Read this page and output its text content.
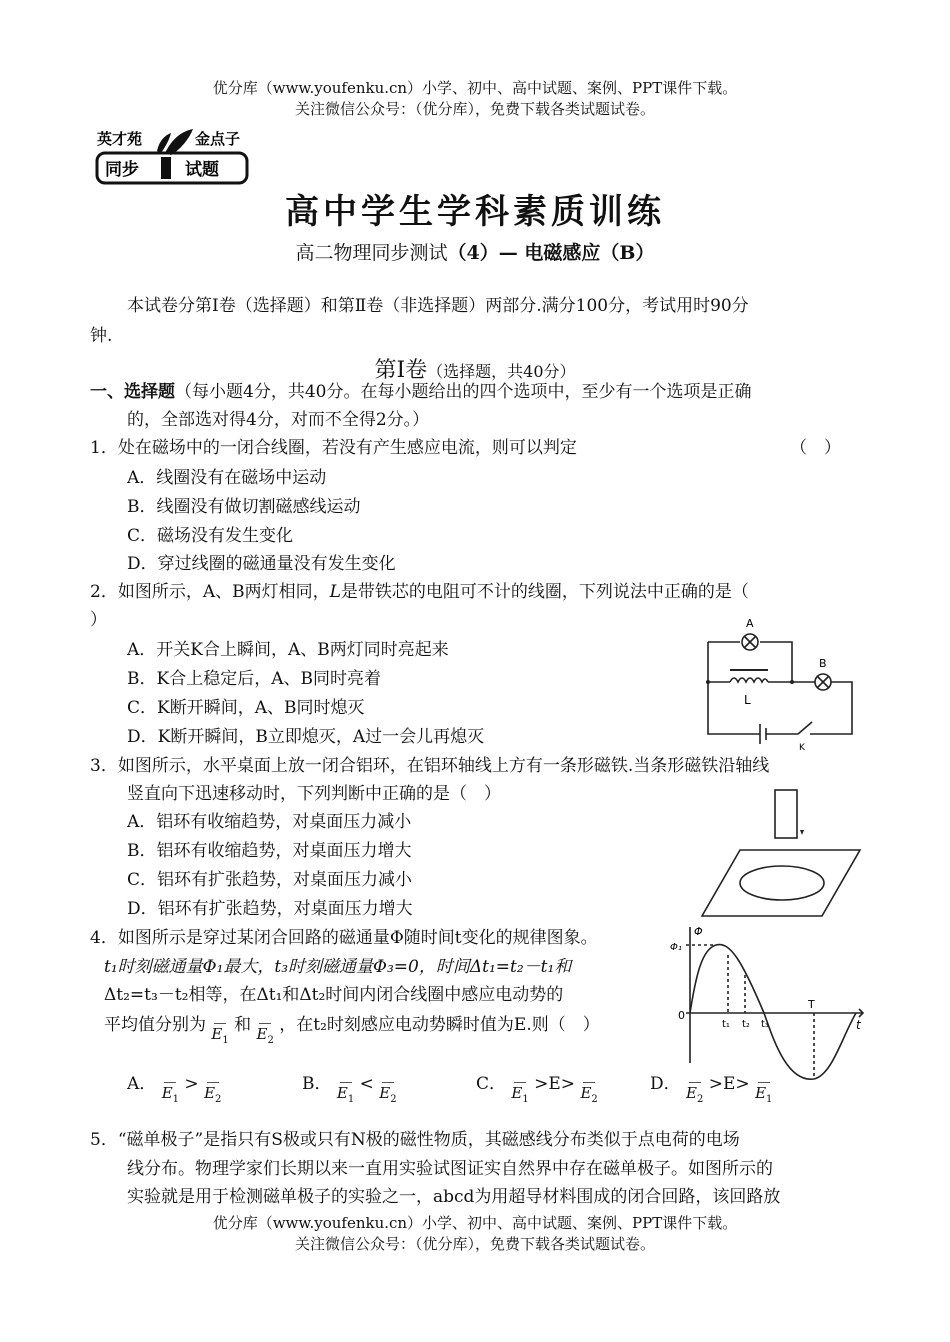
优分库（www.youfenku.cn）小学、初中、高中试题、案例、PPT课件下载。
关注微信公众号：（优分库），免费下载各类试题试卷。
英才苑	金点子
同步	试题
高中学生学科素质训练
高二物理同步测试（4）— 电磁感应（B）
本试卷分第Ⅰ卷（选择题）和第Ⅱ卷（非选择题）两部分.满分100分，考试用时90分
钟.
第Ⅰ卷（选择题，共40分）
一、选择题（每小题4分，共40分。在每小题给出的四个选项中，至少有一个选项是正确
的，全部选对得4分，对而不全得2分。）
1．处在磁场中的一闭合线圈，若没有产生感应电流，则可以判定	（　）
A．线圈没有在磁场中运动
B．线圈没有做切割磁感线运动
C．磁场没有发生变化
D．穿过线圈的磁通量没有发生变化
2．如图所示，A、B两灯相同，L是带铁芯的电阻可不计的线圈，下列说法中正确的是（
）
A．开关K合上瞬间，A、B两灯同时亮起来
B．K合上稳定后，A、B同时亮着
C．K断开瞬间，A、B同时熄灭
D．K断开瞬间，B立即熄灭，A过一会儿再熄灭
A
B
L
K
3．如图所示，水平桌面上放一闭合铝环，在铝环轴线上方有一条形磁铁.当条形磁铁沿轴线
竖直向下迅速移动时，下列判断中正确的是（　）
A．铝环有收缩趋势，对桌面压力减小
B．铝环有收缩趋势，对桌面压力增大
C．铝环有扩张趋势，对桌面压力减小
D．铝环有扩张趋势，对桌面压力增大
4．如图所示是穿过某闭合回路的磁通量Φ随时间t变化的规律图象。
t₁时刻磁通量Φ₁最大，t₃时刻磁通量Φ₃=0，时间Δt₁=t₂－t₁和
Δt₂=t₃－t₂相等，在Δt₁和Δt₂时间内闭合线圈中感应电动势的
平均值分别为 $E_1$ 和 $E_2$ ，在t₂时刻感应电动势瞬时值为E.则（　）
Φ
Φ₁
0
t₁ t₂ t₃
T
t
A． $E_1 > E_2$
B． $E_1 < E_2$
C． $E_1 >E> E_2$
D． $E_2 >E> E_1$
5．“磁单极子”是指只有S极或只有N极的磁性物质，其磁感线分布类似于点电荷的电场
线分布。物理学家们长期以来一直用实验试图证实自然界中存在磁单极子。如图所示的
实验就是用于检测磁单极子的实验之一，abcd为用超导材料围成的闭合回路，该回路放
优分库（www.youfenku.cn）小学、初中、高中试题、案例、PPT课件下载。
关注微信公众号：（优分库），免费下载各类试题试卷。
